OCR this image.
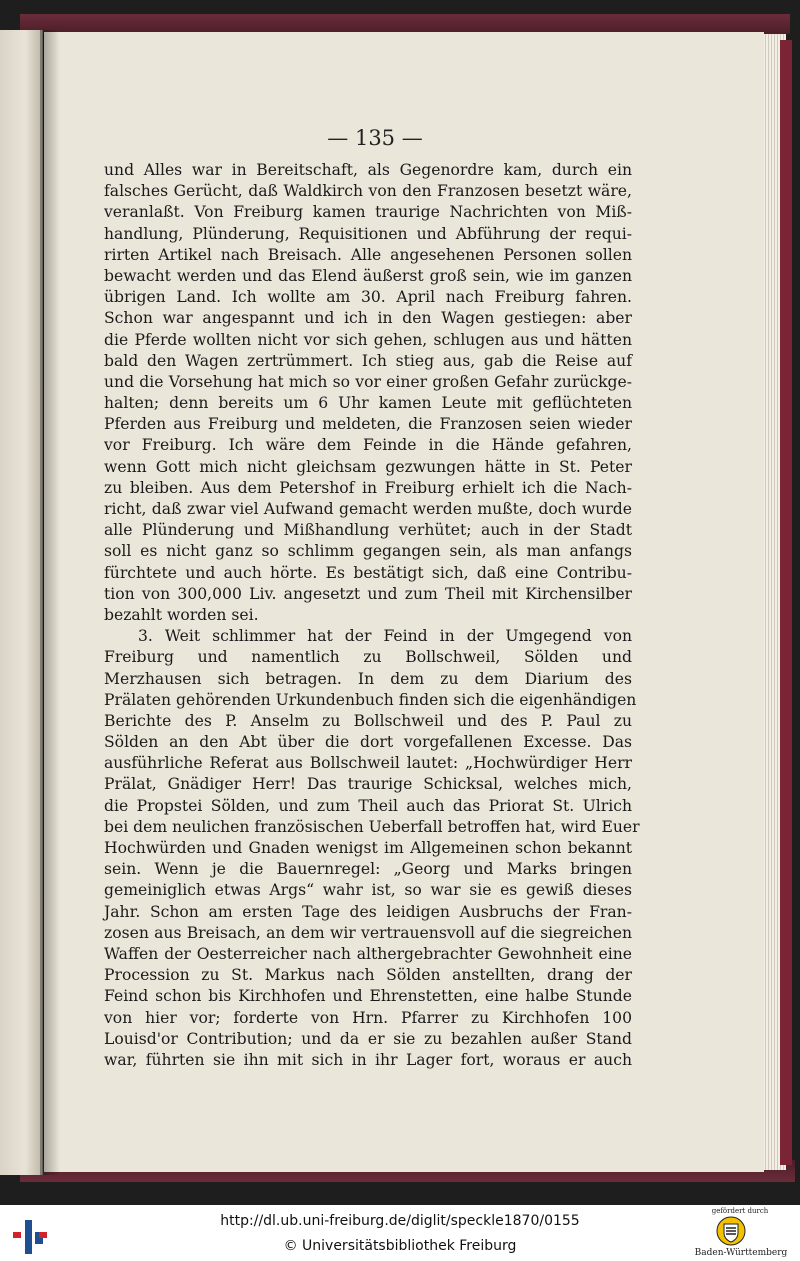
— 135 —
und Alles war in Bereitschaft, als Gegenordre kam, durch ein
falsches Gerücht, daß Waldkirch von den Franzosen besetzt wäre,
veranlaßt. Von Freiburg kamen traurige Nachrichten von Miß-
handlung, Plünderung, Requisitionen und Abführung der requi-
rirten Artikel nach Breisach. Alle angesehenen Personen sollen
bewacht werden und das Elend äußerst groß sein, wie im ganzen
übrigen Land. Ich wollte am 30. April nach Freiburg fahren.
Schon war angespannt und ich in den Wagen gestiegen: aber
die Pferde wollten nicht vor sich gehen, schlugen aus und hätten
bald den Wagen zertrümmert. Ich stieg aus, gab die Reise auf
und die Vorsehung hat mich so vor einer großen Gefahr zurückge-
halten; denn bereits um 6 Uhr kamen Leute mit geflüchteten
Pferden aus Freiburg und meldeten, die Franzosen seien wieder
vor Freiburg. Ich wäre dem Feinde in die Hände gefahren,
wenn Gott mich nicht gleichsam gezwungen hätte in St. Peter
zu bleiben. Aus dem Petershof in Freiburg erhielt ich die Nach-
richt, daß zwar viel Aufwand gemacht werden mußte, doch wurde
alle Plünderung und Mißhandlung verhütet; auch in der Stadt
soll es nicht ganz so schlimm gegangen sein, als man anfangs
fürchtete und auch hörte. Es bestätigt sich, daß eine Contribu-
tion von 300,000 Liv. angesetzt und zum Theil mit Kirchensilber
bezahlt worden sei.
3. Weit schlimmer hat der Feind in der Umgegend von
Freiburg und namentlich zu Bollschweil, Sölden und
Merzhausen sich betragen. In dem zu dem Diarium des
Prälaten gehörenden Urkundenbuch finden sich die eigenhändigen
Berichte des P. Anselm zu Bollschweil und des P. Paul zu
Sölden an den Abt über die dort vorgefallenen Excesse. Das
ausführliche Referat aus Bollschweil lautet: „Hochwürdiger Herr
Prälat, Gnädiger Herr! Das traurige Schicksal, welches mich,
die Propstei Sölden, und zum Theil auch das Priorat St. Ulrich
bei dem neulichen französischen Ueberfall betroffen hat, wird Euer
Hochwürden und Gnaden wenigst im Allgemeinen schon bekannt
sein. Wenn je die Bauernregel: „Georg und Marks bringen
gemeiniglich etwas Args“ wahr ist, so war sie es gewiß dieses
Jahr. Schon am ersten Tage des leidigen Ausbruchs der Fran-
zosen aus Breisach, an dem wir vertrauensvoll auf die siegreichen
Waffen der Oesterreicher nach althergebrachter Gewohnheit eine
Procession zu St. Markus nach Sölden anstellten, drang der
Feind schon bis Kirchhofen und Ehrenstetten, eine halbe Stunde
von hier vor; forderte von Hrn. Pfarrer zu Kirchhofen 100
Louisd'or Contribution; und da er sie zu bezahlen außer Stand
war, führten sie ihn mit sich in ihr Lager fort, woraus er auch
http://dl.ub.uni-freiburg.de/diglit/speckle1870/0155
© Universitätsbibliothek Freiburg
gefördert durch
Baden-Württemberg
